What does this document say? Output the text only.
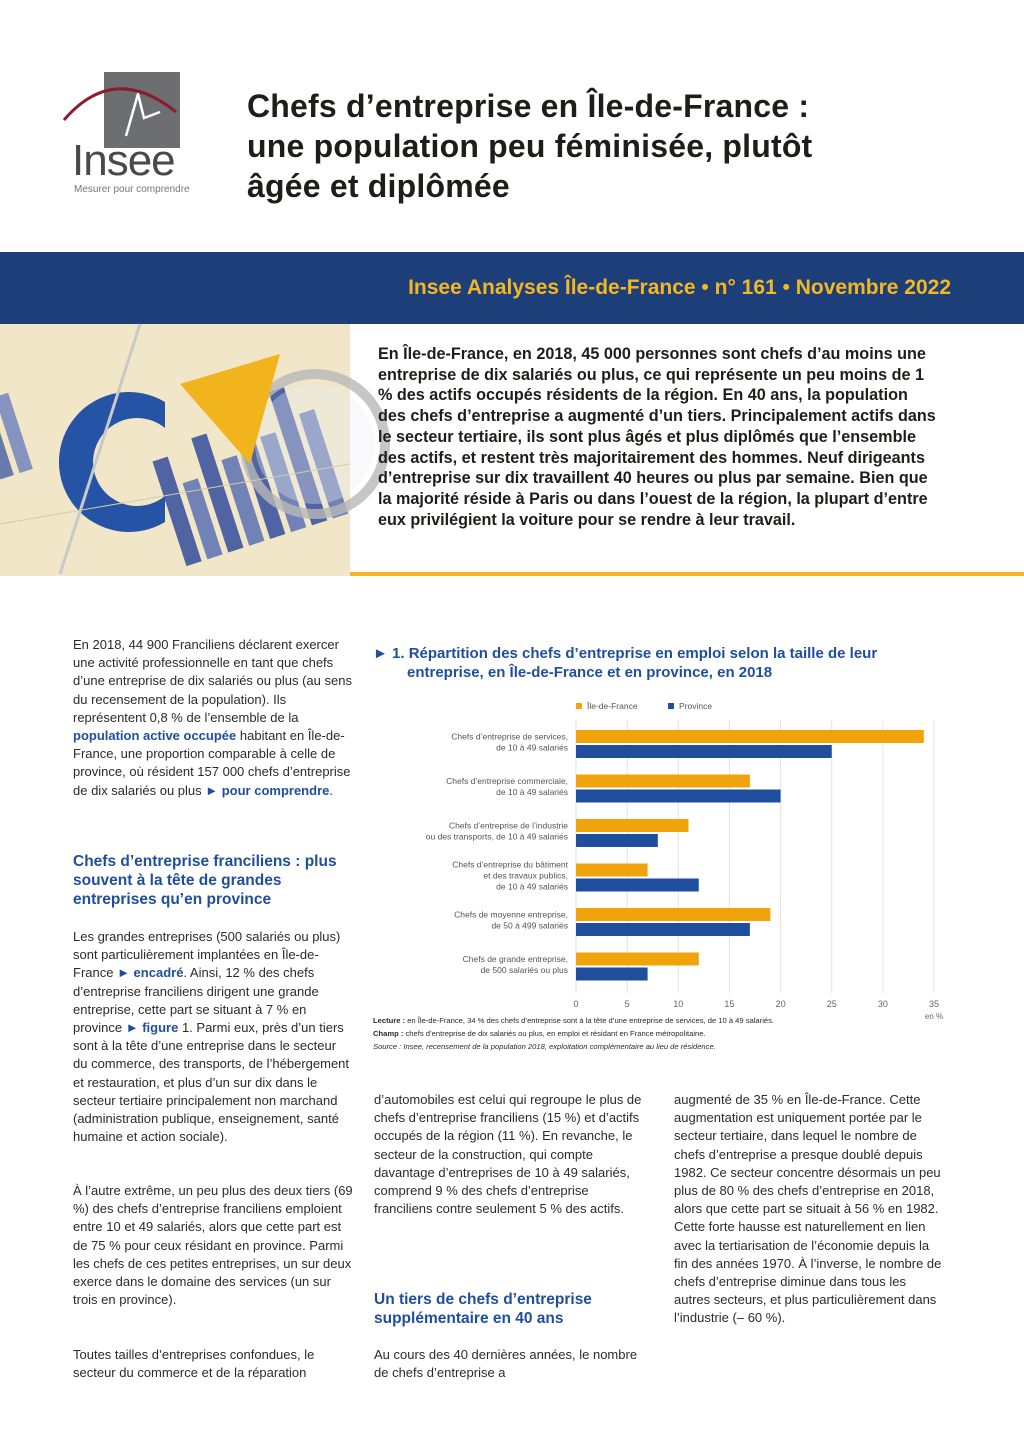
Insee
Mesurer pour comprendre
Chefs d’entreprise en Île-de-France :
une population peu féminisée, plutôt
âgée et diplômée
Insee Analyses Île-de-France • n° 161 • Novembre 2022
En Île-de-France, en 2018, 45 000 personnes sont chefs d’au moins une entreprise de dix salariés ou plus, ce qui représente un peu moins de 1 % des actifs occupés résidents de la région. En 40 ans, la population des chefs d’entreprise a augmenté d’un tiers. Principalement actifs dans le secteur tertiaire, ils sont plus âgés et plus diplômés que l’ensemble des actifs, et restent très majoritairement des hommes. Neuf dirigeants d’entreprise sur dix travaillent 40 heures ou plus par semaine. Bien que la majorité réside à Paris ou dans l’ouest de la région, la plupart d’entre eux privilégient la voiture pour se rendre à leur travail.
En 2018, 44 900 Franciliens déclarent exercer une activité professionnelle en tant que chefs d’une entreprise de dix salariés ou plus (au sens du recensement de la population). Ils représentent 0,8 % de l’ensemble de la population active occupée habitant en Île-de-France, une proportion comparable à celle de province, où résident 157 000 chefs d’entreprise de dix salariés ou plus ► pour comprendre.
Chefs d’entreprise franciliens : plus souvent à la tête de grandes entreprises qu’en province
Les grandes entreprises (500 salariés ou plus) sont particulièrement implantées en Île-de-France ► encadré. Ainsi, 12 % des chefs d’entreprise franciliens dirigent une grande entreprise, cette part se situant à 7 % en province ► figure 1. Parmi eux, près d’un tiers sont à la tête d’une entreprise dans le secteur du commerce, des transports, de l’hébergement et restauration, et plus d’un sur dix dans le secteur tertiaire principalement non marchand (administration publique, enseignement, santé humaine et action sociale).
À l’autre extrême, un peu plus des deux tiers (69 %) des chefs d’entreprise franciliens emploient entre 10 et 49 salariés, alors que cette part est de 75 % pour ceux résidant en province. Parmi les chefs de ces petites entreprises, un sur deux exerce dans le domaine des services (un sur trois en province).
Toutes tailles d’entreprises confondues, le secteur du commerce et de la réparation
► 1. Répartition des chefs d’entreprise en emploi selon la taille de leur
entreprise, en Île-de-France et en province, en 2018
0	5	10	15	20	25	30	35
en %
Île-de-France	Province
Chefs d’entreprise de services,
de 10 à 49 salariés
Chefs d’entreprise commerciale,
de 10 à 49 salariés
Chefs d’entreprise de l’industrie
ou des transports, de 10 à 49 salariés
Chefs d’entreprise du bâtiment
et des travaux publics,
de 10 à 49 salariés
Chefs de moyenne entreprise,
de 50 à 499 salariés
Chefs de grande entreprise,
de 500 salariés ou plus
Lecture : en Île-de-France, 34 % des chefs d’entreprise sont à la tête d’une entreprise de services, de 10 à 49 salariés.
Champ : chefs d’entreprise de dix salariés ou plus, en emploi et résidant en France métropolitaine.
Source : Insee, recensement de la population 2018, exploitation complémentaire au lieu de résidence.
d’automobiles est celui qui regroupe le plus de chefs d’entreprise franciliens (15 %) et d’actifs occupés de la région (11 %). En revanche, le secteur de la construction, qui compte davantage d’entreprises de 10 à 49 salariés, comprend 9 % des chefs d’entreprise franciliens contre seulement 5 % des actifs.
Un tiers de chefs d’entreprise supplémentaire en 40 ans
Au cours des 40 dernières années, le nombre de chefs d’entreprise a
augmenté de 35 % en Île-de-France. Cette augmentation est uniquement portée par le secteur tertiaire, dans lequel le nombre de chefs d’entreprise a presque doublé depuis 1982. Ce secteur concentre désormais un peu plus de 80 % des chefs d’entreprise en 2018, alors que cette part se situait à 56 % en 1982. Cette forte hausse est naturellement en lien avec la tertiarisation de l’économie depuis la fin des années 1970. À l’inverse, le nombre de chefs d’entreprise diminue dans tous les autres secteurs, et plus particulièrement dans l’industrie (– 60 %).
